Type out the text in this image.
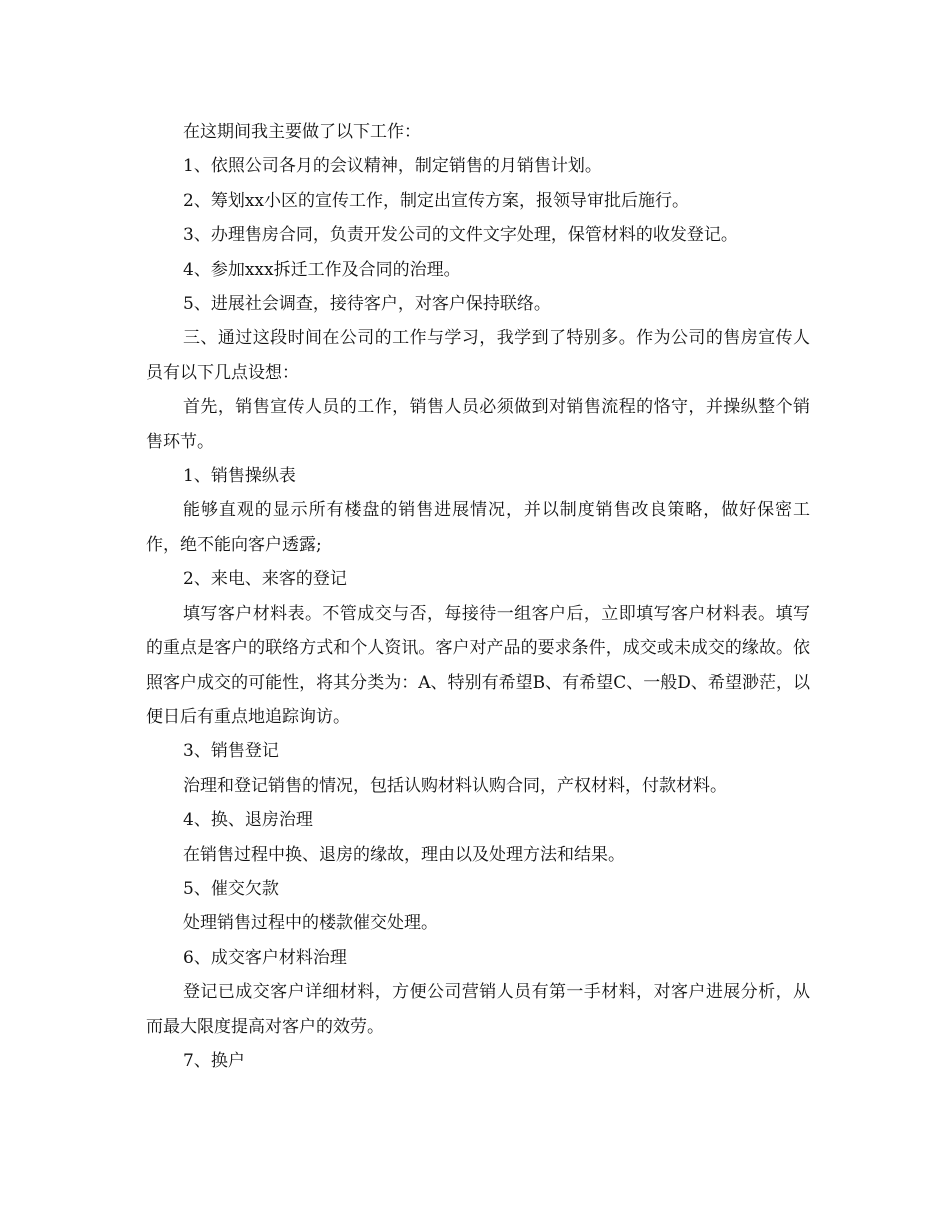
在这期间我主要做了以下工作：

1、依照公司各月的会议精神，制定销售的月销售计划。

2、筹划xx小区的宣传工作，制定出宣传方案，报领导审批后施行。

3、办理售房合同，负责开发公司的文件文字处理，保管材料的收发登记。

4、参加xxx拆迁工作及合同的治理。

5、进展社会调查，接待客户，对客户保持联络。

三、通过这段时间在公司的工作与学习，我学到了特别多。作为公司的售房宣传人员有以下几点设想：

首先，销售宣传人员的工作，销售人员必须做到对销售流程的恪守，并操纵整个销售环节。

1、销售操纵表

能够直观的显示所有楼盘的销售进展情况，并以制度销售改良策略，做好保密工作，绝不能向客户透露;

2、来电、来客的登记

填写客户材料表。不管成交与否，每接待一组客户后，立即填写客户材料表。填写的重点是客户的联络方式和个人资讯。客户对产品的要求条件，成交或未成交的缘故。依照客户成交的可能性，将其分类为：A、特别有希望B、有希望C、一般D、希望渺茫，以便日后有重点地追踪询访。

3、销售登记

治理和登记销售的情况，包括认购材料认购合同，产权材料，付款材料。

4、换、退房治理

在销售过程中换、退房的缘故，理由以及处理方法和结果。

5、催交欠款

处理销售过程中的楼款催交处理。

6、成交客户材料治理

登记已成交客户详细材料，方便公司营销人员有第一手材料，对客户进展分析，从而最大限度提高对客户的效劳。

7、换户
